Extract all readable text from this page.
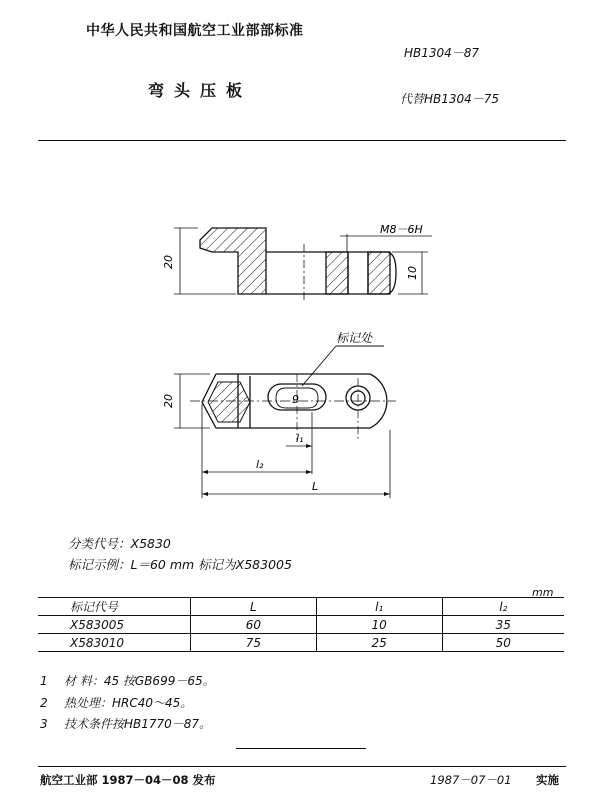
中华人民共和国航空工业部部标准
HB1304－87
弯头压板	代替HB1304－75
20
M8－6H
10
标记处
9
20
l₁
l₂
L
分类代号：X5830
标记示例：L＝60 mm 标记为X583005
mm
标记代号	L	l₁	l₂
X583005	60	10	35
X583010	75	25	50
1 材 料：45 按GB699－65。
2 热处理：HRC40～45。
3 技术条件按HB1770－87。
航空工业部 1987－04－08 发布	1987－07－01 实施
